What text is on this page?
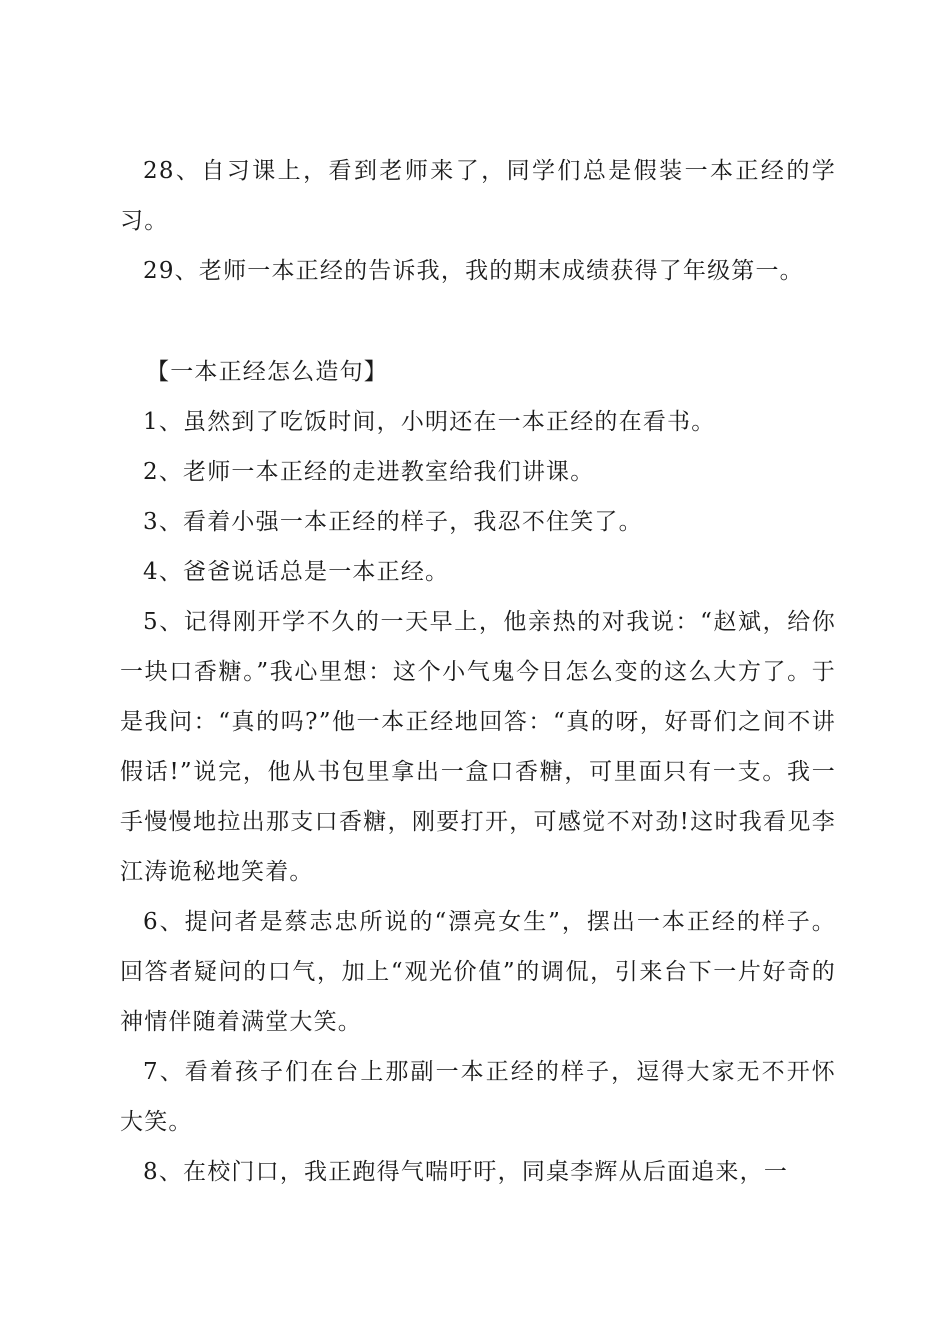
28、自习课上，看到老师来了，同学们总是假装一本正经的学习。

29、老师一本正经的告诉我，我的期末成绩获得了年级第一。

【一本正经怎么造句】

1、虽然到了吃饭时间，小明还在一本正经的在看书。

2、老师一本正经的走进教室给我们讲课。

3、看着小强一本正经的样子，我忍不住笑了。

4、爸爸说话总是一本正经。

5、记得刚开学不久的一天早上，他亲热的对我说：“赵斌，给你一块口香糖。”我心里想：这个小气鬼今日怎么变的这么大方了。于是我问：“真的吗?”他一本正经地回答：“真的呀，好哥们之间不讲假话!”说完，他从书包里拿出一盒口香糖，可里面只有一支。我一手慢慢地拉出那支口香糖，刚要打开，可感觉不对劲!这时我看见李江涛诡秘地笑着。

6、提问者是蔡志忠所说的“漂亮女生”，摆出一本正经的样子。回答者疑问的口气，加上“观光价值”的调侃，引来台下一片好奇的神情伴随着满堂大笑。

7、看着孩子们在台上那副一本正经的样子，逗得大家无不开怀大笑。

8、在校门口，我正跑得气喘吁吁，同桌李辉从后面追来，一
